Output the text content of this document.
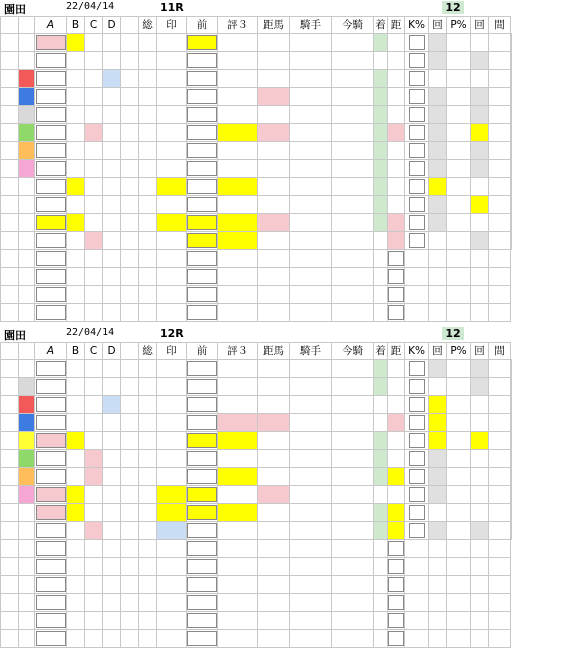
園田	22/04/14	11R	12
		A	B	C	D		総	印	前	評３	距馬	騎手	今騎	着	距	K%	回	P%	回	間	

園田	22/04/14	12R	12
		A	B	C	D		総	印	前	評３	距馬	騎手	今騎	着	距	K%	回	P%	回	間	
